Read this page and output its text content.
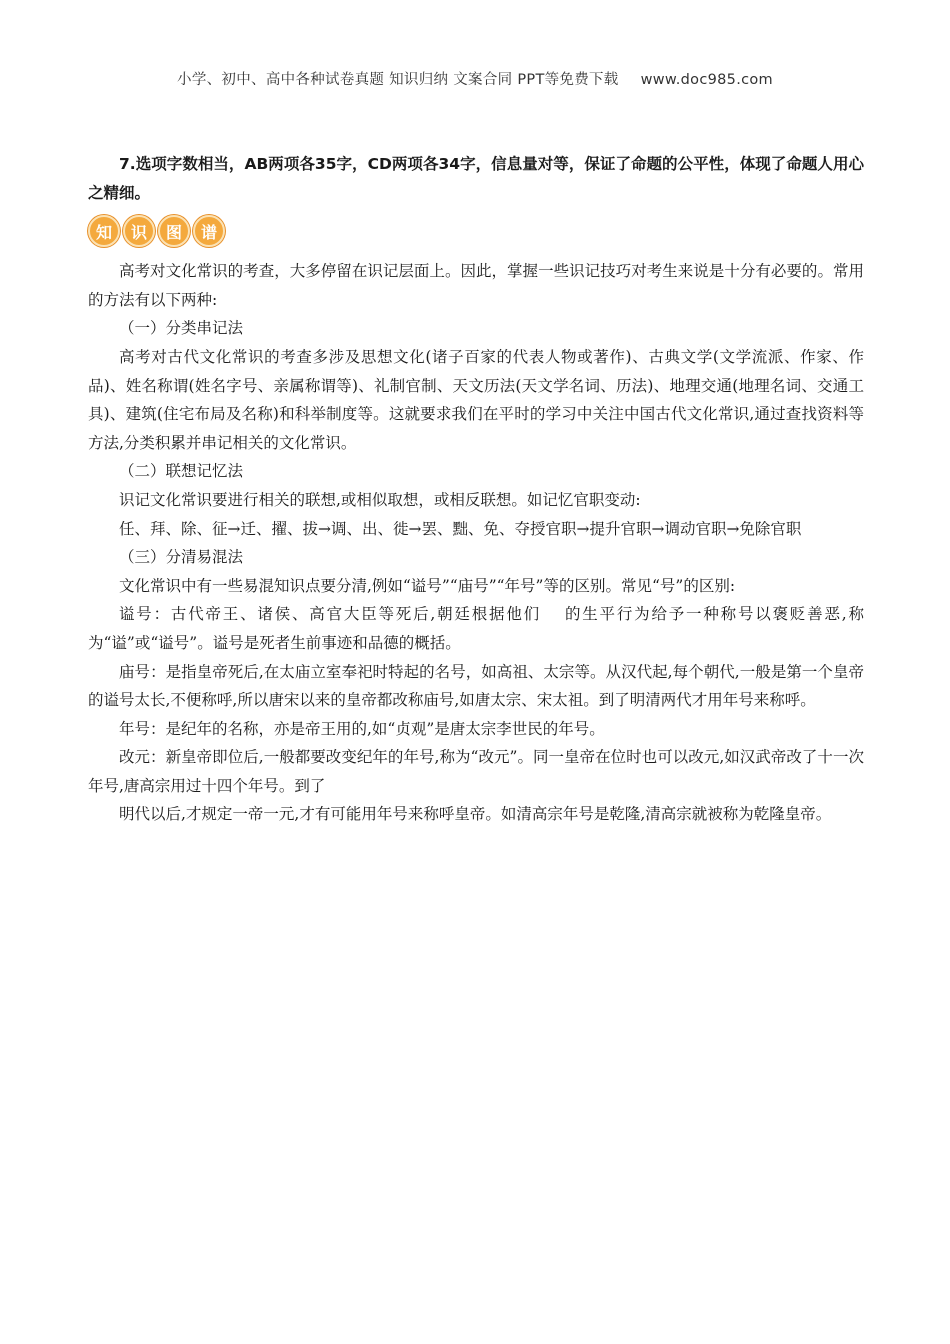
小学、初中、高中各种试卷真题 知识归纳 文案合同 PPT等免费下载 www.doc985.com

7.选项字数相当，AB两项各35字，CD两项各34字，信息量对等，保证了命题的公平性，体现了命题人用心之精细。

知	识	图	谱

高考对文化常识的考查，大多停留在识记层面上。因此，掌握一些识记技巧对考生来说是十分有必要的。常用的方法有以下两种:

（一）分类串记法

高考对古代文化常识的考查多涉及思想文化(诸子百家的代表人物或著作)、古典文学(文学流派、作家、作品)、姓名称谓(姓名字号、亲属称谓等)、礼制官制、天文历法(天文学名词、历法)、地理交通(地理名词、交通工具)、建筑(住宅布局及名称)和科举制度等。这就要求我们在平时的学习中关注中国古代文化常识,通过查找资料等方法,分类积累并串记相关的文化常识。

（二）联想记忆法

识记文化常识要进行相关的联想,或相似取想，或相反联想。如记忆官职变动:

任、拜、除、征→迁、擢、拔→调、出、徙→罢、黜、免、夺授官职→提升官职→调动官职→免除官职

（三）分清易混法

文化常识中有一些易混知识点要分清,例如“谥号”“庙号”“年号”等的区别。常见“号”的区别:

谥号：古代帝王、诸侯、高官大臣等死后,朝廷根据他们　 的生平行为给予一种称号以褒贬善恶,称为“谥”或“谥号”。谥号是死者生前事迹和品德的概括。

庙号：是指皇帝死后,在太庙立室奉祀时特起的名号，如高祖、太宗等。从汉代起,每个朝代,一般是第一个皇帝的谥号太长,不便称呼,所以唐宋以来的皇帝都改称庙号,如唐太宗、宋太祖。到了明清两代才用年号来称呼。

年号：是纪年的名称，亦是帝王用的,如“贞观”是唐太宗李世民的年号。

改元：新皇帝即位后,一般都要改变纪年的年号,称为“改元”。同一皇帝在位时也可以改元,如汉武帝改了十一次年号,唐高宗用过十四个年号。到了

明代以后,才规定一帝一元,才有可能用年号来称呼皇帝。如清高宗年号是乾隆,清高宗就被称为乾隆皇帝。
